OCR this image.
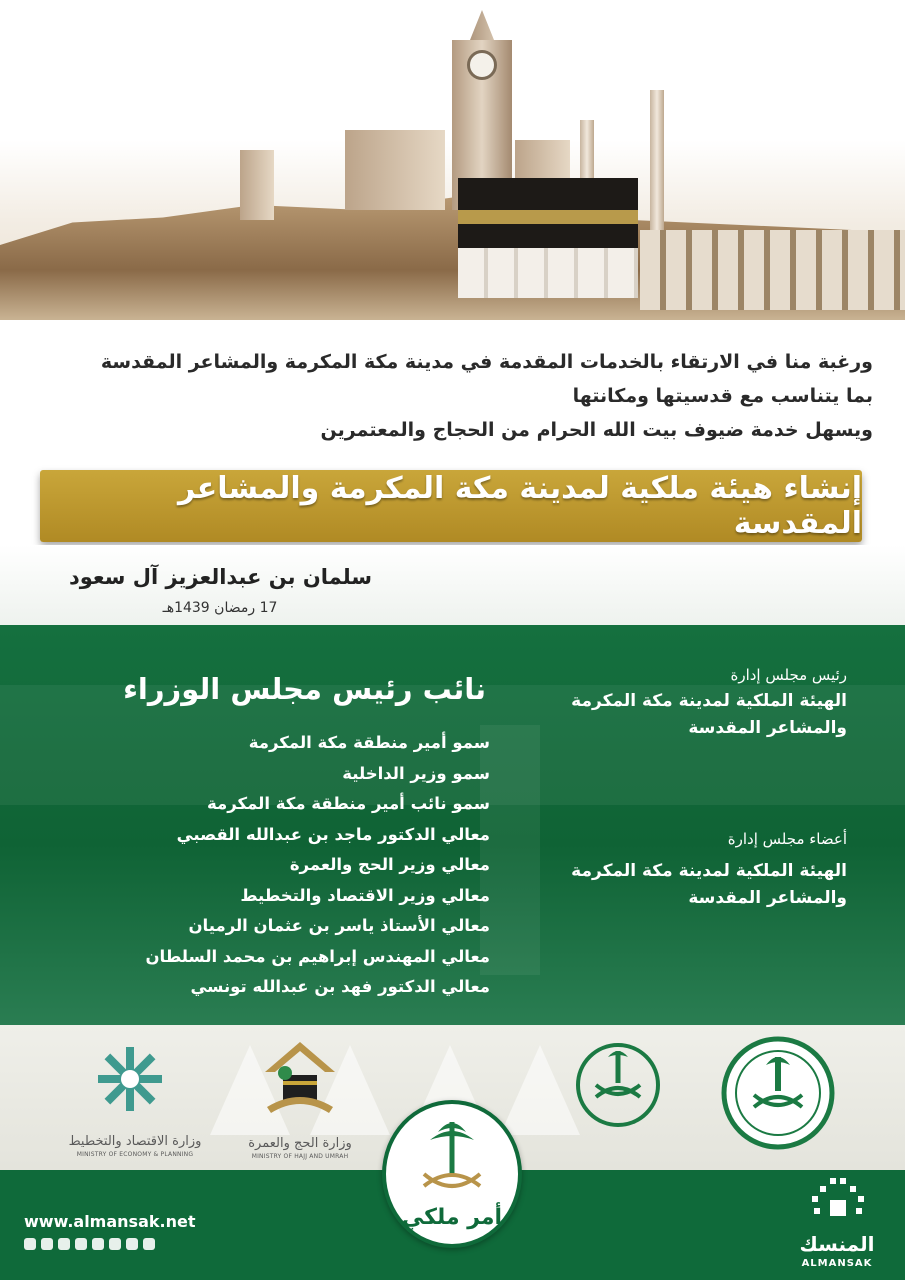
ورغبة منا في الارتقاء بالخدمات المقدمة في مدينة مكة المكرمة والمشاعر المقدسة
بما يتناسب مع قدسيتها ومكانتها
ويسهل خدمة ضيوف بيت الله الحرام من الحجاج والمعتمرين
إنشاء هيئة ملكية لمدينة مكة المكرمة والمشاعر المقدسة
سلمان بن عبدالعزيز آل سعود
17 رمضان 1439هـ
رئيس مجلس إدارة
الهيئة الملكية لمدينة مكة المكرمة
والمشاعر المقدسة
أعضاء مجلس إدارة
الهيئة الملكية لمدينة مكة المكرمة
والمشاعر المقدسة
نائب رئيس مجلس الوزراء
سمو أمير منطقة مكة المكرمة
سمو وزير الداخلية
سمو نائب أمير منطقة مكة المكرمة
معالي الدكتور ماجد بن عبدالله القصبي
معالي وزير الحج والعمرة
معالي وزير الاقتصاد والتخطيط
معالي الأستاذ ياسر بن عثمان الرميان
معالي المهندس إبراهيم بن محمد السلطان
معالي الدكتور فهد بن عبدالله تونسي
وزارة الاقتصاد والتخطيط
MINISTRY OF ECONOMY & PLANNING
وزارة الحج والعمرة
MINISTRY OF HAJJ AND UMRAH
أمر ملكي
www.almansak.net
المنسك
ALMANSAK
